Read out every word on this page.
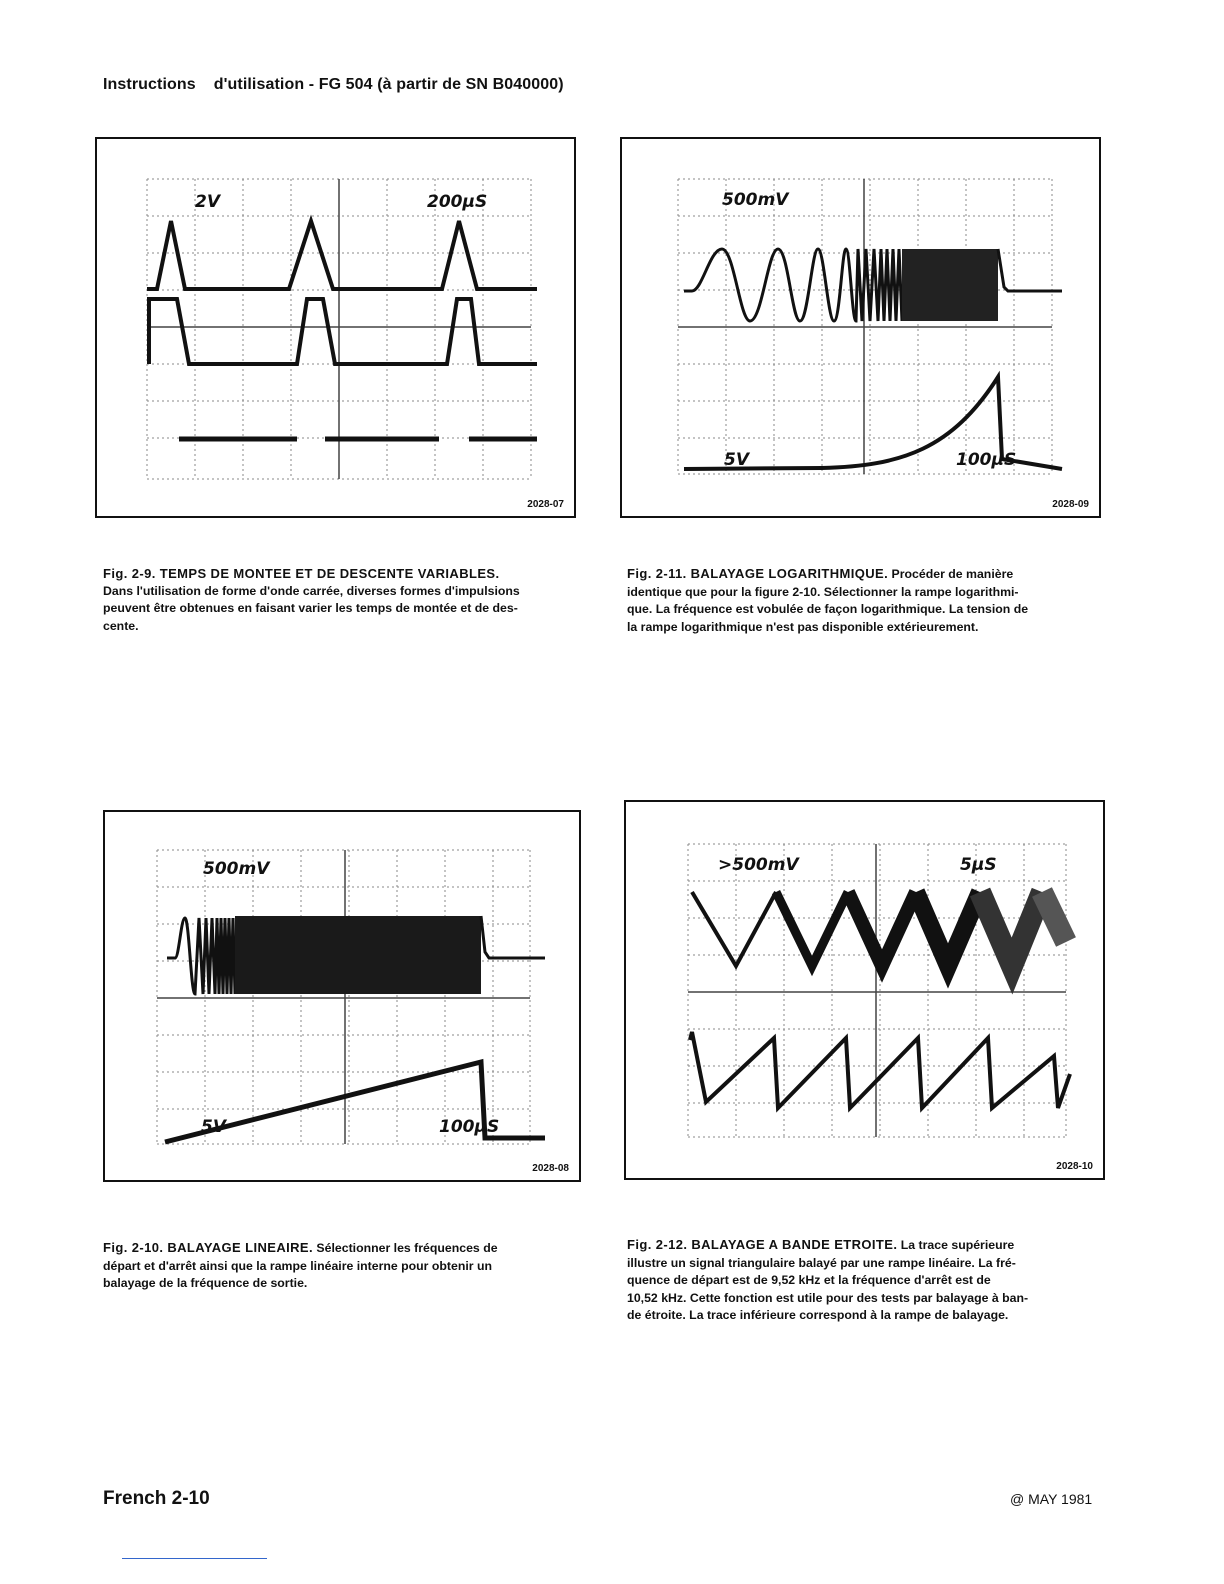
Instructions d'utilisation - FG 504 (à partir de SN B040000)
2V	200µS
2028-07
500mV
5V	100µS
2028-09
500mV
5V	100µS
2028-08
>500mV	5µS
2028-10
Fig. 2-9. TEMPS DE MONTEE ET DE DESCENTE VARIABLES.
Dans l'utilisation de forme d'onde carrée, diverses formes d'impulsions
peuvent être obtenues en faisant varier les temps de montée et de des-
cente.
Fig. 2-11. BALAYAGE LOGARITHMIQUE. Procéder de manière
identique que pour la figure 2-10. Sélectionner la rampe logarithmi-
que. La fréquence est vobulée de façon logarithmique. La tension de
la rampe logarithmique n'est pas disponible extérieurement.
Fig. 2-10. BALAYAGE LINEAIRE. Sélectionner les fréquences de
départ et d'arrêt ainsi que la rampe linéaire interne pour obtenir un
balayage de la fréquence de sortie.
Fig. 2-12. BALAYAGE A BANDE ETROITE. La trace supérieure
illustre un signal triangulaire balayé par une rampe linéaire. La fré-
quence de départ est de 9,52 kHz et la fréquence d'arrêt est de
10,52 kHz. Cette fonction est utile pour des tests par balayage à ban-
de étroite. La trace inférieure correspond à la rampe de balayage.
French 2-10	@ MAY 1981
